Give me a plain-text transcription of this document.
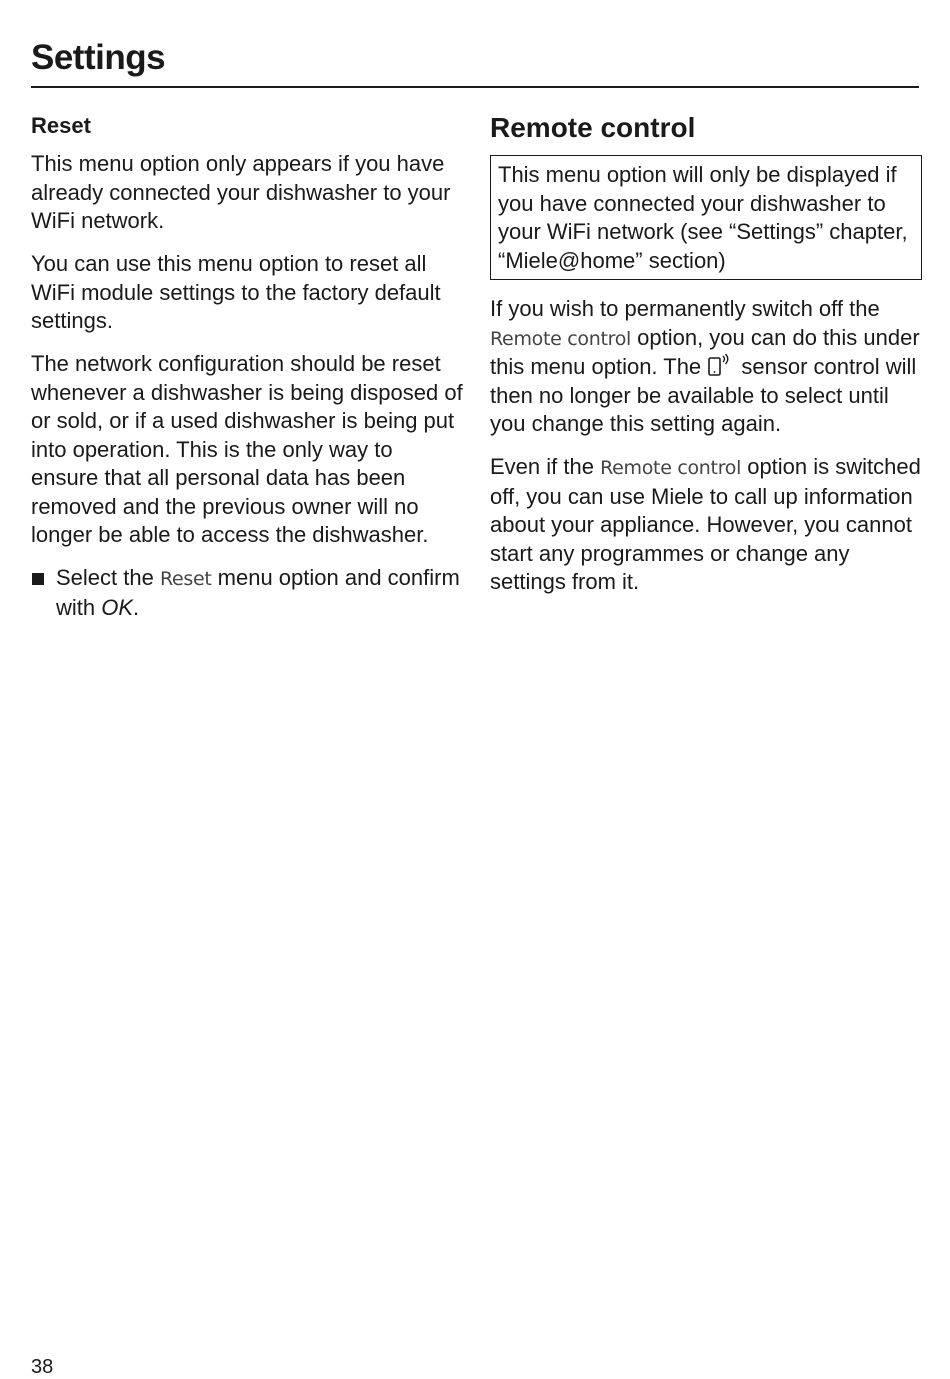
Settings
Reset

This menu option only appears if you have already connected your dishwasher to your WiFi network.

You can use this menu option to reset all WiFi module settings to the factory default settings.

The network configuration should be reset whenever a dishwasher is being disposed of or sold, or if a used dishwasher is being put into operation. This is the only way to ensure that all personal data has been removed and the previous owner will no longer be able to access the dishwasher.

Select the Reset menu option and confirm with OK.
Remote control
This menu option will only be displayed if you have connected your dishwasher to your WiFi network (see “Settings” chapter, “Miele@home” section)

If you wish to permanently switch off the Remote control option, you can do this under this menu option. The  sensor control will then no longer be available to select until you change this setting again.

Even if the Remote control option is switched off, you can use Miele to call up information about your appliance. However, you cannot start any programmes or change any settings from it.

38
